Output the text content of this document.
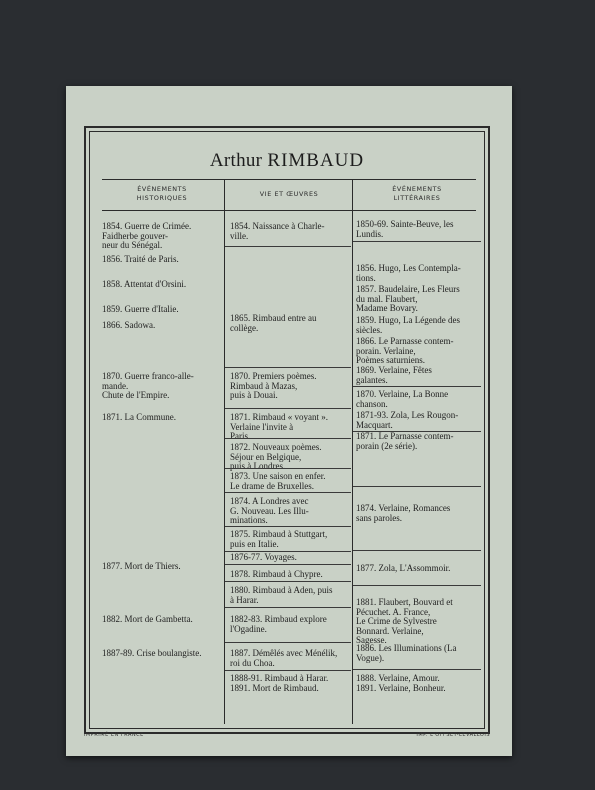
Arthur RIMBAUD
ÉVÉNEMENTS
HISTORIQUES	VIE ET ŒUVRES
ÉVÉNEMENTS
LITTÉRAIRES
1854. Guerre de Crimée.
Faidherbe gouver-
neur du Sénégal.
1856. Traité de Paris.
1858. Attentat d'Orsini.
1859. Guerre d'Italie.
1866. Sadowa.
1870. Guerre franco-alle-
mande.
Chute de l'Empire.
1871. La Commune.
1877. Mort de Thiers.
1882. Mort de Gambetta.
1887-89. Crise boulangiste.
1854. Naissance à Charle-
ville.
1865. Rimbaud entre au
collège.
1870. Premiers poèmes.
Rimbaud à Mazas,
puis à Douai.
1871. Rimbaud « voyant ».
Verlaine l'invite à
Paris.
1872. Nouveaux poèmes.
Séjour en Belgique,
puis à Londres.
1873. Une saison en enfer.
Le drame de Bruxelles.
1874. A Londres avec
G. Nouveau. Les Illu-
minations.
1875. Rimbaud à Stuttgart,
puis en Italie.
1876-77. Voyages.
1878. Rimbaud à Chypre.
1880. Rimbaud à Aden, puis
à Harar.
1882-83. Rimbaud explore
l'Ogadine.
1887. Démêlés avec Ménélik,
roi du Choa.
1888-91. Rimbaud à Harar.
1891. Mort de Rimbaud.
1850-69. Sainte-Beuve, les
Lundis.
1856. Hugo, Les Contempla-
tions.
1857. Baudelaire, Les Fleurs
du mal. Flaubert,
Madame Bovary.
1859. Hugo, La Légende des
siècles.
1866. Le Parnasse contem-
porain. Verlaine,
Poèmes saturniens.
1869. Verlaine, Fêtes
galantes.
1870. Verlaine, La Bonne
chanson.
1871-93. Zola, Les Rougon-
Macquart.
1871. Le Parnasse contem-
porain (2e série).
1874. Verlaine, Romances
sans paroles.
1877. Zola, L'Assommoir.
1881. Flaubert, Bouvard et
Pécuchet. A. France,
Le Crime de Sylvestre
Bonnard. Verlaine,
Sagesse.
1886. Les Illuminations (La
Vogue).
1888. Verlaine, Amour.
1891. Verlaine, Bonheur.
IMPRIMÉ EN FRANCE	IMP. L'OFFSET-LEVALLOIS
